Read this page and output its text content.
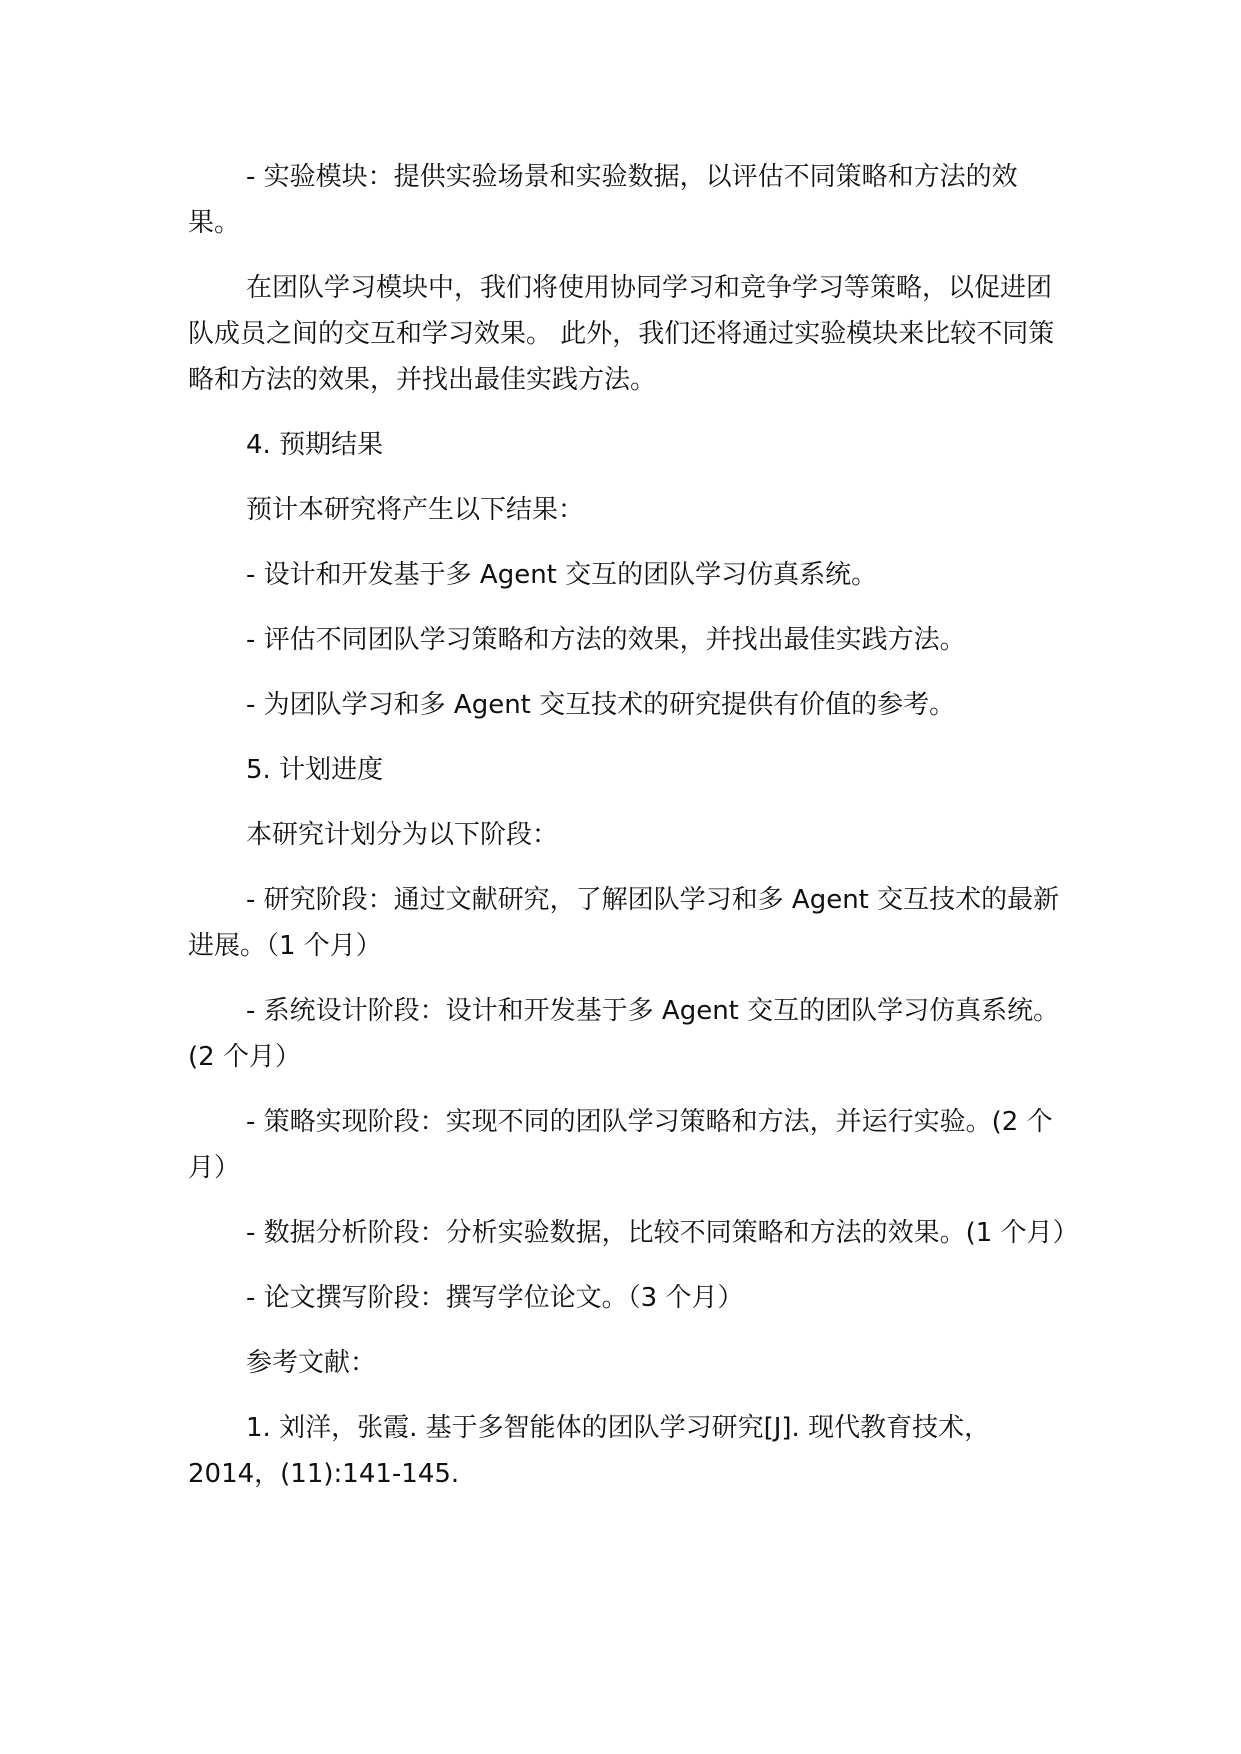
- 实验模块：提供实验场景和实验数据，以评估不同策略和方法的效果。

在团队学习模块中，我们将使用协同学习和竞争学习等策略，以促进团队成员之间的交互和学习效果。 此外，我们还将通过实验模块来比较不同策略和方法的效果，并找出最佳实践方法。

4. 预期结果

预计本研究将产生以下结果：

- 设计和开发基于多 Agent 交互的团队学习仿真系统。

- 评估不同团队学习策略和方法的效果，并找出最佳实践方法。

- 为团队学习和多 Agent 交互技术的研究提供有价值的参考。

5. 计划进度

本研究计划分为以下阶段：

- 研究阶段：通过文献研究，了解团队学习和多 Agent 交互技术的最新进展。（1 个月）

- 系统设计阶段：设计和开发基于多 Agent 交互的团队学习仿真系统。(2 个月）

- 策略实现阶段：实现不同的团队学习策略和方法，并运行实验。(2 个月）

- 数据分析阶段：分析实验数据，比较不同策略和方法的效果。(1 个月）

- 论文撰写阶段：撰写学位论文。（3 个月）

参考文献：

1. 刘洋，张霞. 基于多智能体的团队学习研究[J]. 现代教育技术，2014，(11):141-145.
